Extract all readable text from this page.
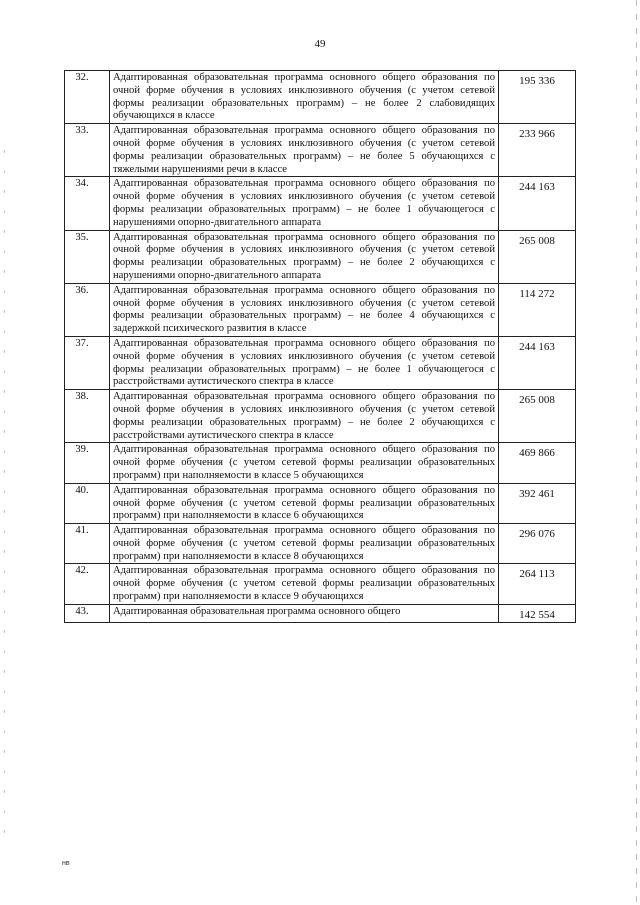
49
32.	Адаптированная образовательная программа основного общего образования по очной форме обучения в условиях инклюзивного обучения (с учетом сетевой формы реализации образовательных программ) – не более 2 слабовидящих обучающихся в классе	195 336
33.	Адаптированная образовательная программа основного общего образования по очной форме обучения в условиях инклюзивного обучения (с учетом сетевой формы реализации образовательных программ) – не более 5 обучающихся с тяжелыми нарушениями речи в классе	233 966
34.	Адаптированная образовательная программа основного общего образования по очной форме обучения в условиях инклюзивного обучения (с учетом сетевой формы реализации образовательных программ) – не более 1 обучающегося с нарушениями опорно-двигательного аппарата	244 163
35.	Адаптированная образовательная программа основного общего образования по очной форме обучения в условиях инклюзивного обучения (с учетом сетевой формы реализации образовательных программ) – не более 2 обучающихся с нарушениями опорно-двигательного аппарата	265 008
36.	Адаптированная образовательная программа основного общего образования по очной форме обучения в условиях инклюзивного обучения (с учетом сетевой формы реализации образовательных программ) – не более 4 обучающихся с задержкой психического развития в классе	114 272
37.	Адаптированная образовательная программа основного общего образования по очной форме обучения в условиях инклюзивного обучения (с учетом сетевой формы реализации образовательных программ) – не более 1 обучающегося с расстройствами аутистического спектра в классе	244 163
38.	Адаптированная образовательная программа основного общего образования по очной форме обучения в условиях инклюзивного обучения (с учетом сетевой формы реализации образовательных программ) – не более 2 обучающихся с расстройствами аутистического спектра в классе	265 008
39.	Адаптированная образовательная программа основного общего образования по очной форме обучения (с учетом сетевой формы реализации образовательных программ) при наполняемости в классе 5 обучающихся	469 866
40.	Адаптированная образовательная программа основного общего образования по очной форме обучения (с учетом сетевой формы реализации образовательных программ) при наполняемости в классе 6 обучающихся	392 461
41.	Адаптированная образовательная программа основного общего образования по очной форме обучения (с учетом сетевой формы реализации образовательных программ) при наполняемости в классе 8 обучающихся	296 076
42.	Адаптированная образовательная программа основного общего образования по очной форме обучения (с учетом сетевой формы реализации образовательных программ) при наполняемости в классе 9 обучающихся	264 113
43.	Адаптированная образовательная программа основного общего	142 554
нв
